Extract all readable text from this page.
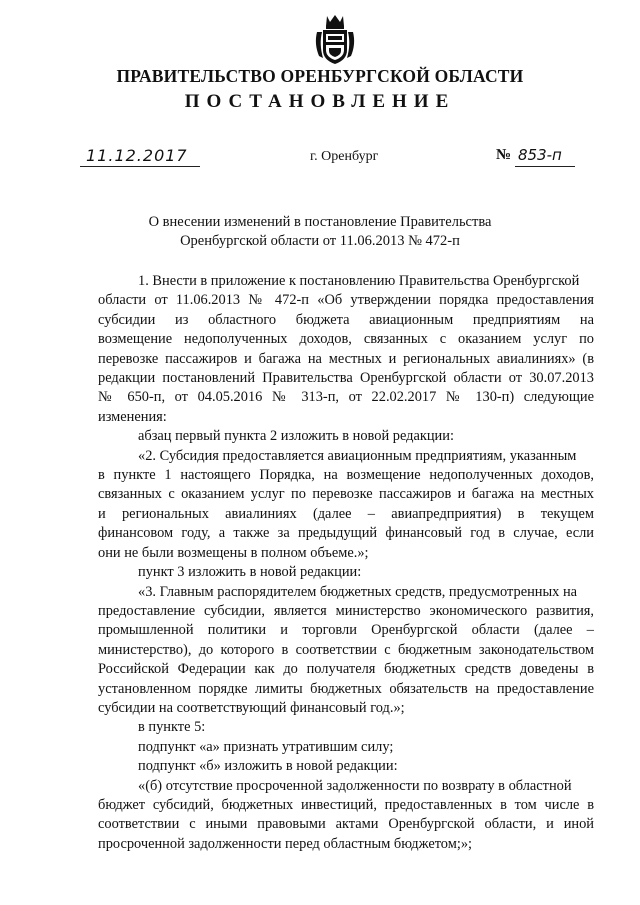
ПРАВИТЕЛЬСТВО ОРЕНБУРГСКОЙ ОБЛАСТИ
ПОСТАНОВЛЕНИЕ
11.12.2017	г. Оренбург	№ 853-п
О внесении изменений в постановление Правительства
Оренбургской области от 11.06.2013 № 472-п
1. Внести в приложение к постановлению Правительства Оренбургской
области от 11.06.2013 № 472-п «Об утверждении порядка предоставления
субсидии из областного бюджета авиационным предприятиям на
возмещение недополученных доходов, связанных с оказанием услуг по
перевозке пассажиров и багажа на местных и региональных авиалиниях» (в
редакции постановлений Правительства Оренбургской области от 30.07.2013
№ 650-п, от 04.05.2016 № 313-п, от 22.02.2017 № 130-п) следующие
изменения:
абзац первый пункта 2 изложить в новой редакции:
«2. Субсидия предоставляется авиационным предприятиям, указанным
в пункте 1 настоящего Порядка, на возмещение недополученных доходов,
связанных с оказанием услуг по перевозке пассажиров и багажа на местных
и региональных авиалиниях (далее – авиапредприятия) в текущем
финансовом году, а также за предыдущий финансовый год в случае, если
они не были возмещены в полном объеме.»;
пункт 3 изложить в новой редакции:
«3. Главным распорядителем бюджетных средств, предусмотренных на
предоставление субсидии, является министерство экономического развития,
промышленной политики и торговли Оренбургской области (далее –
министерство), до которого в соответствии с бюджетным законодательством
Российской Федерации как до получателя бюджетных средств доведены в
установленном порядке лимиты бюджетных обязательств на предоставление
субсидии на соответствующий финансовый год.»;
в пункте 5:
подпункт «а» признать утратившим силу;
подпункт «б» изложить в новой редакции:
«(б) отсутствие просроченной задолженности по возврату в областной
бюджет субсидий, бюджетных инвестиций, предоставленных в том числе в
соответствии с иными правовыми актами Оренбургской области, и иной
просроченной задолженности перед областным бюджетом;»;
